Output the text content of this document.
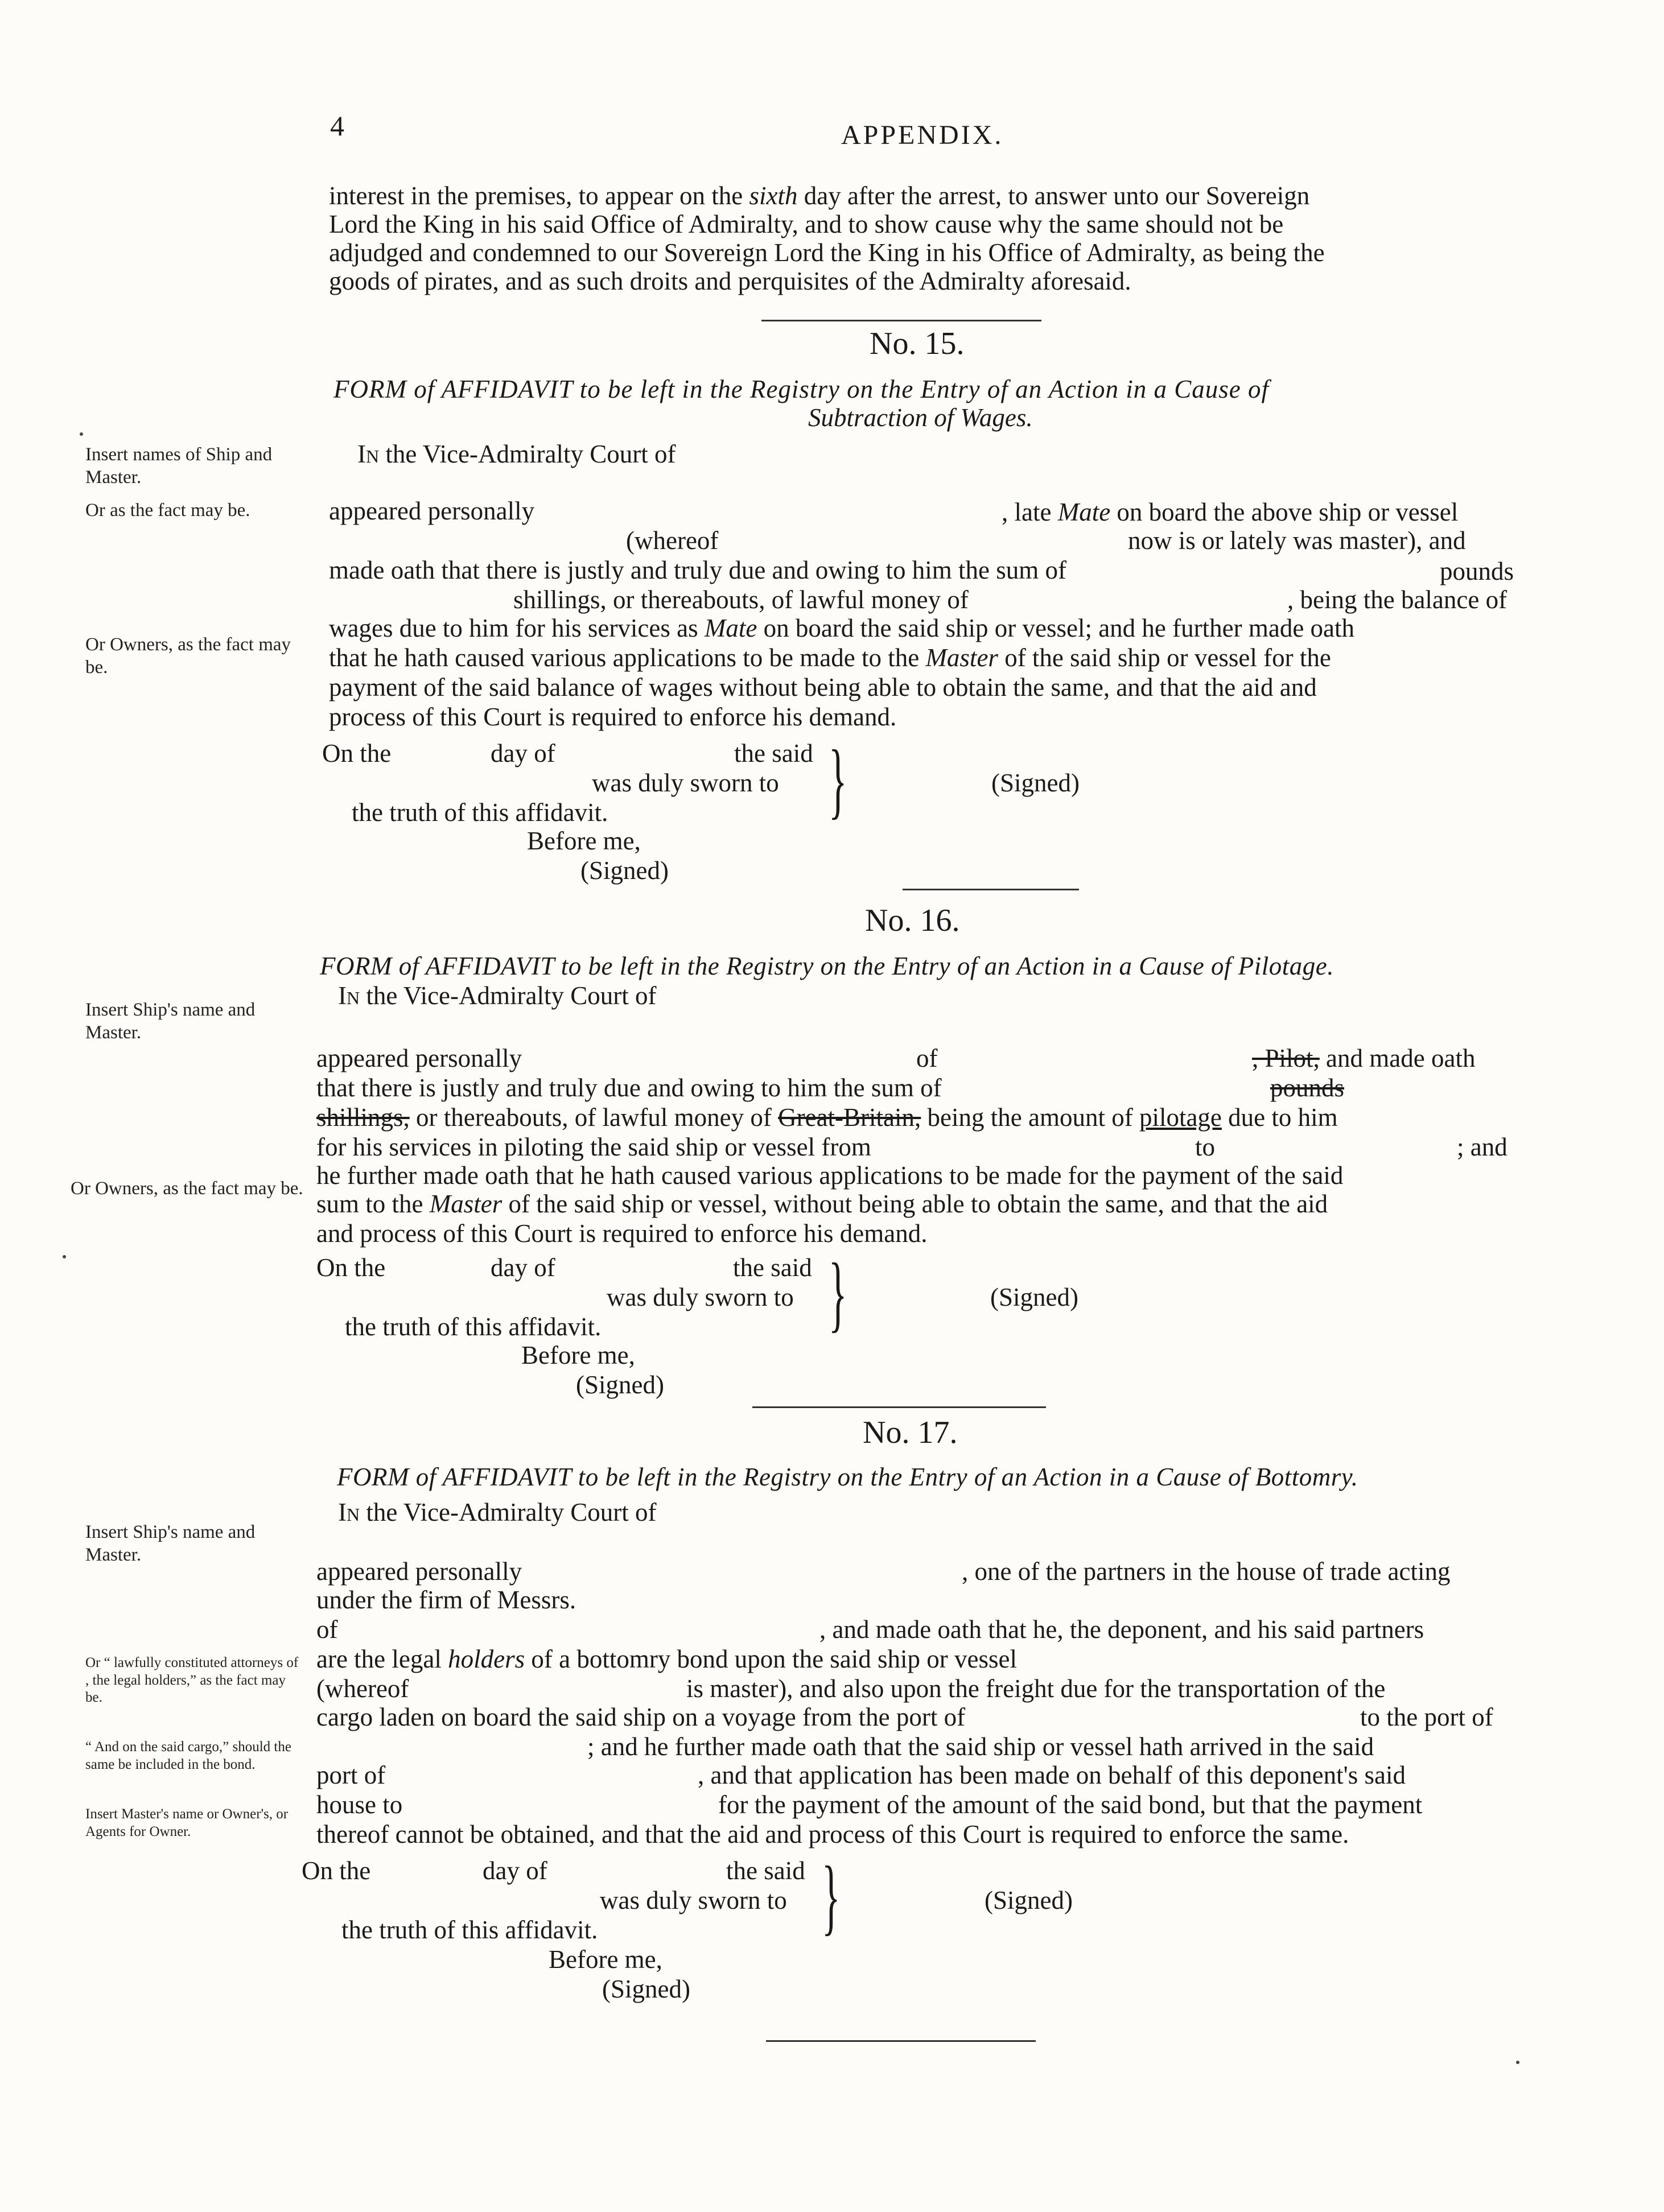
4	APPENDIX.
interest in the premises, to appear on the sixth day after the arrest, to answer unto our Sovereign
Lord the King in his said Office of Admiralty, and to show cause why the same should not be
adjudged and condemned to our Sovereign Lord the King in his Office of Admiralty, as being the
goods of pirates, and as such droits and perquisites of the Admiralty aforesaid.
No. 15.
FORM of AFFIDAVIT to be left in the Registry on the Entry of an Action in a Cause of
Subtraction of Wages.
Insert names of Ship and Master.
In the Vice-Admiralty Court of
Or as the fact may be.	appeared personally	, late Mate on board the above ship or vessel
(whereof	now is or lately was master), and
made oath that there is justly and truly due and owing to him the sum of	pounds
shillings, or thereabouts, of lawful money of	, being the balance of
Or Owners, as the fact may be.
wages due to him for his services as Mate on board the said ship or vessel; and he further made oath
that he hath caused various applications to be made to the Master of the said ship or vessel for the
payment of the said balance of wages without being able to obtain the same, and that the aid and
process of this Court is required to enforce his demand.
On the	day of	the said
was duly sworn to }	(Signed)
the truth of this affidavit.
Before me,
(Signed)
No. 16.
FORM of AFFIDAVIT to be left in the Registry on the Entry of an Action in a Cause of Pilotage.
Insert Ship's name and Master.
In the Vice-Admiralty Court of
appeared personally	of	, Pilot, and made oath
that there is justly and truly due and owing to him the sum of	pounds
shillings, or thereabouts, of lawful money of Great-Britain, being the amount of pilotage due to him
for his services in piloting the said ship or vessel from	to	; and
Or Owners, as the fact may be. he further made oath that he hath caused various applications to be made for the payment of the said
sum to the Master of the said ship or vessel, without being able to obtain the same, and that the aid
and process of this Court is required to enforce his demand.
On the	day of	the said
was duly sworn to }	(Signed)
the truth of this affidavit.
Before me,
(Signed)
No. 17.
FORM of AFFIDAVIT to be left in the Registry on the Entry of an Action in a Cause of Bottomry.
In the Vice-Admiralty Court of
Insert Ship's name and Master.
appeared personally	, one of the partners in the house of trade acting
under the firm of Messrs.
of	, and made oath that he, the deponent, and his said partners
Or “ lawfully constituted attorneys of , the legal holders,” as the fact may be.
are the legal holders of a bottomry bond upon the said ship or vessel
(whereof	is master), and also upon the freight due for the transportation of the
cargo laden on board the said ship on a voyage from the port of	to the port of
“ And on the said cargo,” should the same be included in the bond.
; and he further made oath that the said ship or vessel hath arrived in the said
port of	, and that application has been made on behalf of this deponent's said
Insert Master's name or Owner's, or Agents for Owner.
house to	for the payment of the amount of the said bond, but that the payment
thereof cannot be obtained, and that the aid and process of this Court is required to enforce the same.
On the	day of	the said
was duly sworn to }	(Signed)
the truth of this affidavit.
Before me,
(Signed)
